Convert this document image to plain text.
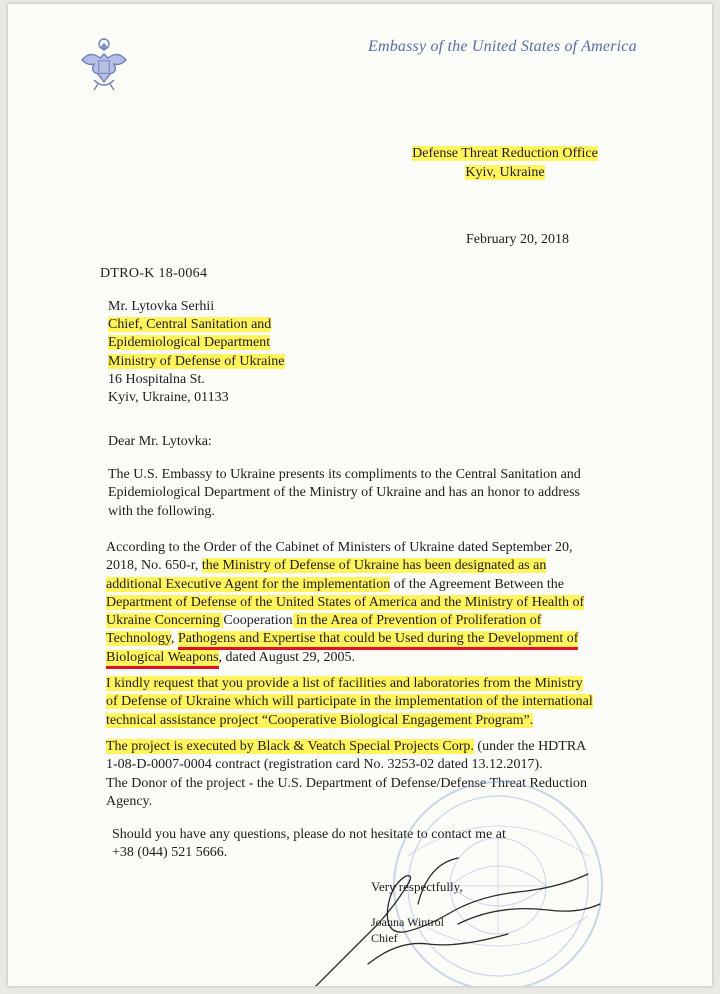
Embassy of the United States of America
Defense Threat Reduction Office
Kyiv, Ukraine
February 20, 2018
DTRO-K 18-0064
Mr. Lytovka Serhii
Chief, Central Sanitation and
Epidemiological Department
Ministry of Defense of Ukraine
16 Hospitalna St.
Kyiv, Ukraine, 01133
Dear Mr. Lytovka:
The U.S. Embassy to Ukraine presents its compliments to the Central Sanitation and
Epidemiological Department of the Ministry of Ukraine and has an honor to address
with the following.
According to the Order of the Cabinet of Ministers of Ukraine dated September 20,
2018, No. 650-r, the Ministry of Defense of Ukraine has been designated as an
additional Executive Agent for the implementation of the Agreement Between the
Department of Defense of the United States of America and the Ministry of Health of
Ukraine Concerning Cooperation in the Area of Prevention of Proliferation of
Technology, Pathogens and Expertise that could be Used during the Development of
Biological Weapons, dated August 29, 2005.
I kindly request that you provide a list of facilities and laboratories from the Ministry
of Defense of Ukraine which will participate in the implementation of the international
technical assistance project “Cooperative Biological Engagement Program”.
The project is executed by Black & Veatch Special Projects Corp. (under the HDTRA
1-08-D-0007-0004 contract (registration card No. 3253-02 dated 13.12.2017).
The Donor of the project - the U.S. Department of Defense/Defense Threat Reduction
Agency.
Should you have any questions, please do not hesitate to contact me at
+38 (044) 521 5666.
Very respectfully,
Joanna Wintrol
Chief
